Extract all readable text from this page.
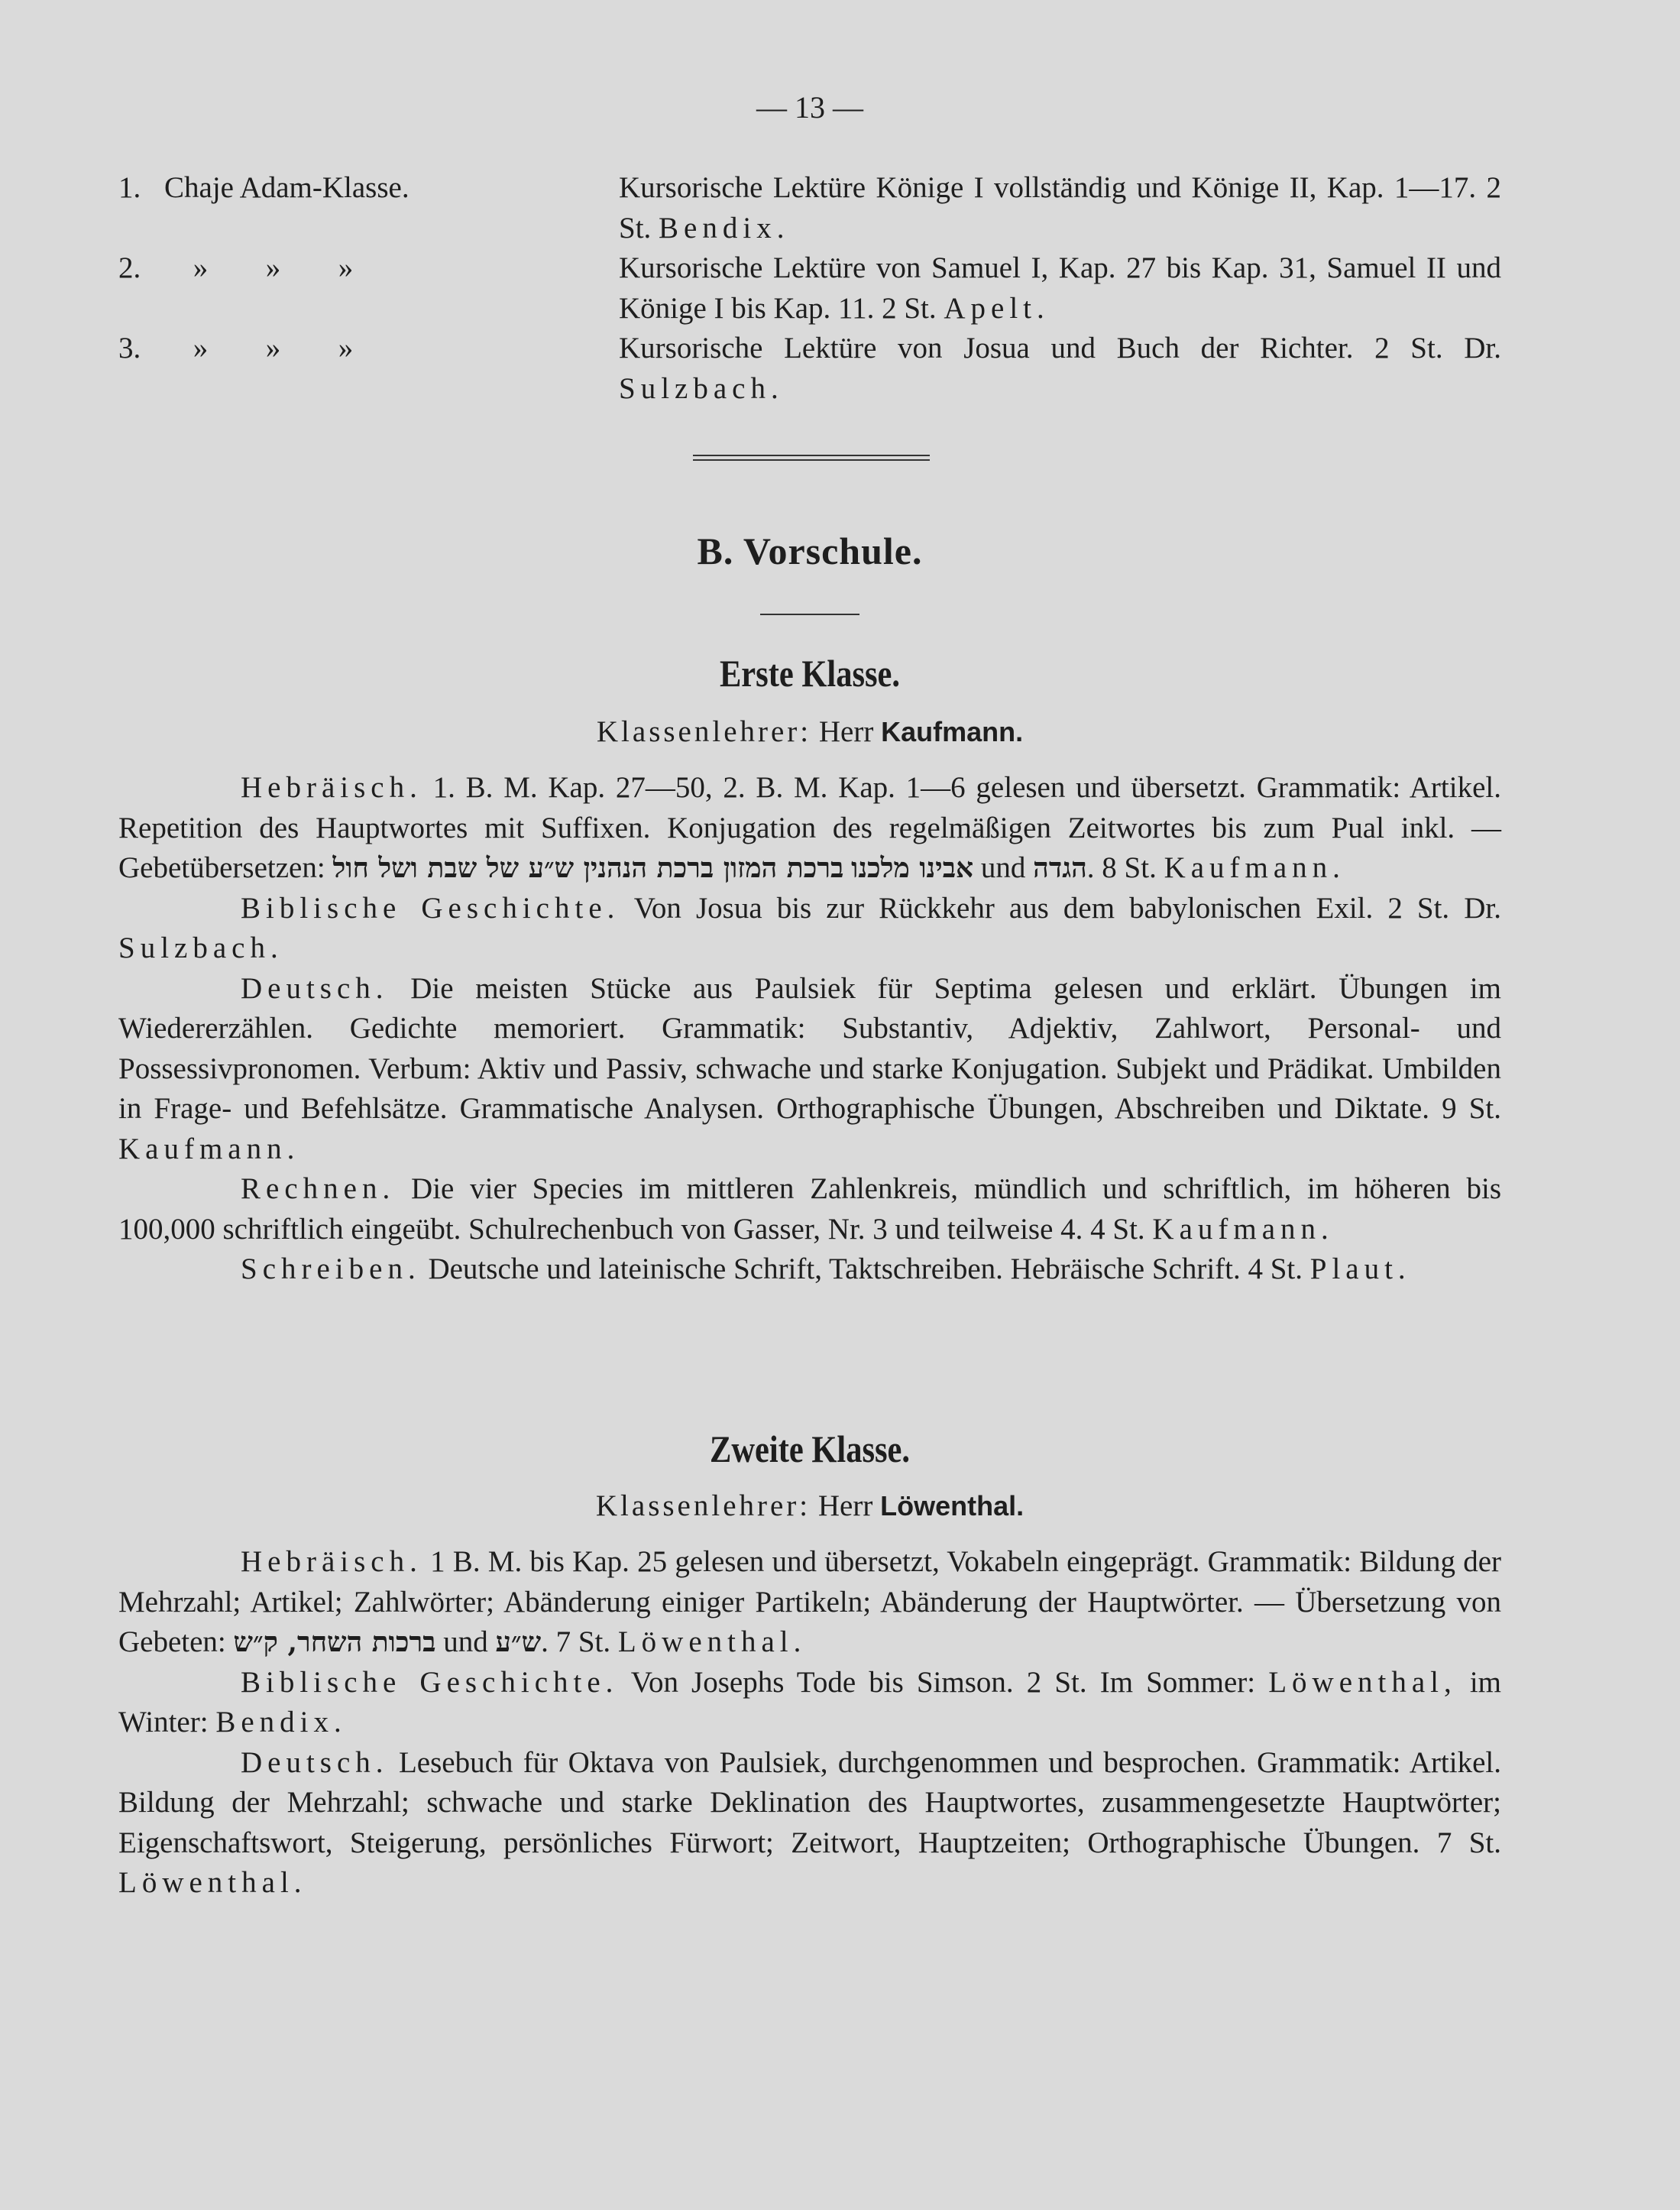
— 13 —
1. Chaje Adam-Klasse.	Kursorische Lektüre Könige I vollständig und Könige II, Kap. 1—17. 2 St. Bendix.
2.	»	»	»	Kursorische Lektüre von Samuel I, Kap. 27 bis Kap. 31, Samuel II und Könige I bis Kap. 11. 2 St. Apelt.
3.	»	»	»	Kursorische Lektüre von Josua und Buch der Richter. 2 St. Dr. Sulzbach.
B. Vorschule.
Erste Klasse.
Klassenlehrer: Herr Kaufmann.

Hebräisch. 1. B. M. Kap. 27—50, 2. B. M. Kap. 1—6 gelesen und übersetzt. Grammatik: Artikel. Repetition des Hauptwortes mit Suffixen. Konjugation des regelmäßigen Zeitwortes bis zum Pual inkl. — Gebetübersetzen: ברכת המזון ברכת הנהנין ש״ע של שבת ושל חול אבינו מלכנו und הגדה. 8 St. Kaufmann.

Biblische Geschichte. Von Josua bis zur Rückkehr aus dem babylonischen Exil. 2 St. Dr. Sulzbach.

Deutsch. Die meisten Stücke aus Paulsiek für Septima gelesen und erklärt. Übungen im Wiedererzählen. Gedichte memoriert. Grammatik: Substantiv, Adjektiv, Zahlwort, Personal- und Possessivpronomen. Verbum: Aktiv und Passiv, schwache und starke Konjugation. Subjekt und Prädikat. Umbilden in Frage- und Befehlsätze. Grammatische Analysen. Orthographische Übungen, Abschreiben und Diktate. 9 St. Kaufmann.

Rechnen. Die vier Species im mittleren Zahlenkreis, mündlich und schriftlich, im höheren bis 100,000 schriftlich eingeübt. Schulrechenbuch von Gasser, Nr. 3 und teilweise 4. 4 St. Kaufmann.

Schreiben. Deutsche und lateinische Schrift, Taktschreiben. Hebräische Schrift. 4 St. Plaut.

Zweite Klasse.
Klassenlehrer: Herr Löwenthal.

Hebräisch. 1 B. M. bis Kap. 25 gelesen und übersetzt, Vokabeln eingeprägt. Grammatik: Bildung der Mehrzahl; Artikel; Zahlwörter; Abänderung einiger Partikeln; Abänderung der Hauptwörter. — Übersetzung von Gebeten: ברכות השחר, ק״ש und ש״ע. 7 St. Löwenthal.

Biblische Geschichte. Von Josephs Tode bis Simson. 2 St. Im Sommer: Löwenthal, im Winter: Bendix.

Deutsch. Lesebuch für Oktava von Paulsiek, durchgenommen und besprochen. Grammatik: Artikel. Bildung der Mehrzahl; schwache und starke Deklination des Hauptwortes, zusammengesetzte Hauptwörter; Eigenschaftswort, Steigerung, persönliches Fürwort; Zeitwort, Hauptzeiten; Orthographische Übungen. 7 St. Löwenthal.
